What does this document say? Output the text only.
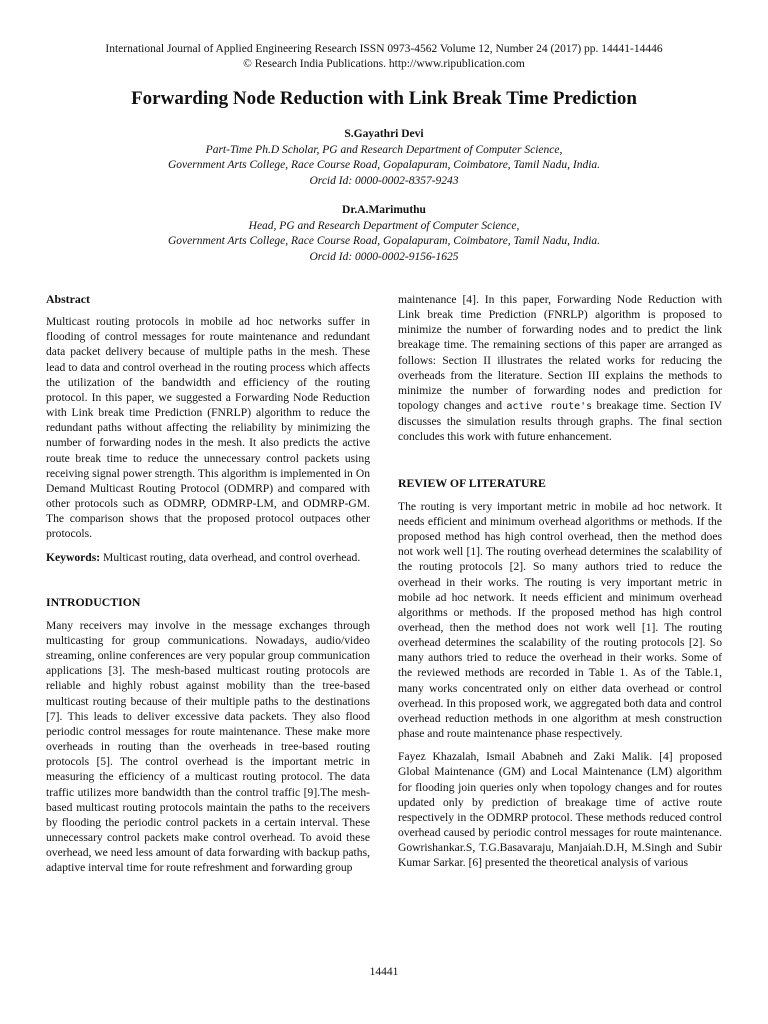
International Journal of Applied Engineering Research ISSN 0973-4562 Volume 12, Number 24 (2017) pp. 14441-14446
© Research India Publications. http://www.ripublication.com
Forwarding Node Reduction with Link Break Time Prediction
S.Gayathri Devi
Part-Time Ph.D Scholar, PG and Research Department of Computer Science,
Government Arts College, Race Course Road, Gopalapuram, Coimbatore, Tamil Nadu, India.
Orcid Id: 0000-0002-8357-9243
Dr.A.Marimuthu
Head, PG and Research Department of Computer Science,
Government Arts College, Race Course Road, Gopalapuram, Coimbatore, Tamil Nadu, India.
Orcid Id: 0000-0002-9156-1625

Abstract

Multicast routing protocols in mobile ad hoc networks suffer in flooding of control messages for route maintenance and redundant data packet delivery because of multiple paths in the mesh. These lead to data and control overhead in the routing process which affects the utilization of the bandwidth and efficiency of the routing protocol. In this paper, we suggested a Forwarding Node Reduction with Link break time Prediction (FNRLP) algorithm to reduce the redundant paths without affecting the reliability by minimizing the number of forwarding nodes in the mesh. It also predicts the active route break time to reduce the unnecessary control packets using receiving signal power strength. This algorithm is implemented in On Demand Multicast Routing Protocol (ODMRP) and compared with other protocols such as ODMRP, ODMRP-LM, and ODMRP-GM. The comparison shows that the proposed protocol outpaces other protocols.

Keywords: Multicast routing, data overhead, and control overhead.

INTRODUCTION

Many receivers may involve in the message exchanges through multicasting for group communications. Nowadays, audio/video streaming, online conferences are very popular group communication applications [3]. The mesh-based multicast routing protocols are reliable and highly robust against mobility than the tree-based multicast routing because of their multiple paths to the destinations [7]. This leads to deliver excessive data packets. They also flood periodic control messages for route maintenance. These make more overheads in routing than the overheads in tree-based routing protocols [5]. The control overhead is the important metric in measuring the efficiency of a multicast routing protocol. The data traffic utilizes more bandwidth than the control traffic [9].The mesh-based multicast routing protocols maintain the paths to the receivers by flooding the periodic control packets in a certain interval. These unnecessary control packets make control overhead. To avoid these overhead, we need less amount of data forwarding with backup paths, adaptive interval time for route refreshment and forwarding group

maintenance [4]. In this paper, Forwarding Node Reduction with Link break time Prediction (FNRLP) algorithm is proposed to minimize the number of forwarding nodes and to predict the link breakage time. The remaining sections of this paper are arranged as follows: Section II illustrates the related works for reducing the overheads from the literature. Section III explains the methods to minimize the number of forwarding nodes and prediction for topology changes and active route's breakage time. Section IV discusses the simulation results through graphs. The final section concludes this work with future enhancement.

REVIEW OF LITERATURE

The routing is very important metric in mobile ad hoc network. It needs efficient and minimum overhead algorithms or methods. If the proposed method has high control overhead, then the method does not work well [1]. The routing overhead determines the scalability of the routing protocols [2]. So many authors tried to reduce the overhead in their works. The routing is very important metric in mobile ad hoc network. It needs efficient and minimum overhead algorithms or methods. If the proposed method has high control overhead, then the method does not work well [1]. The routing overhead determines the scalability of the routing protocols [2]. So many authors tried to reduce the overhead in their works. Some of the reviewed methods are recorded in Table 1. As of the Table.1, many works concentrated only on either data overhead or control overhead. In this proposed work, we aggregated both data and control overhead reduction methods in one algorithm at mesh construction phase and route maintenance phase respectively.

Fayez Khazalah, Ismail Ababneh and Zaki Malik. [4] proposed Global Maintenance (GM) and Local Maintenance (LM) algorithm for flooding join queries only when topology changes and for routes updated only by prediction of breakage time of active route respectively in the ODMRP protocol. These methods reduced control overhead caused by periodic control messages for route maintenance. Gowrishankar.S, T.G.Basavaraju, Manjaiah.D.H, M.Singh and Subir Kumar Sarkar. [6] presented the theoretical analysis of various

14441
